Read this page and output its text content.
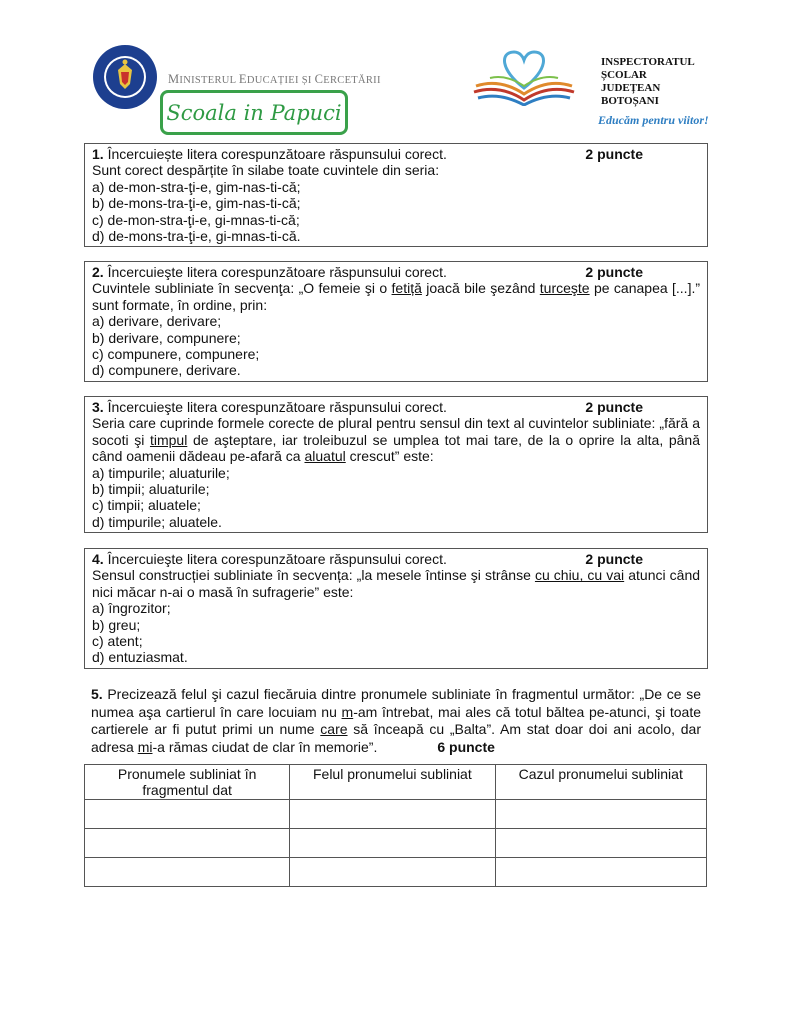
MINISTERUL EDUCAȚIEI ȘI CERCETĂRII
Scoala in Papuci
INSPECTORATUL
ȘCOLAR
JUDEȚEAN
BOTOȘANI
Educăm pentru viitor!
1. Încercuiește litera corespunzătoare răspunsului corect.	2 puncte
Sunt corect despărțite în silabe toate cuvintele din seria:
a) de-mon-stra-ţi-e, gim-nas-ti-că;
b) de-mons-tra-ţi-e, gim-nas-ti-că;
c) de-mon-stra-ţi-e, gi-mnas-ti-că;
d) de-mons-tra-ţi-e, gi-mnas-ti-că.
2. Încercuieşte litera corespunzătoare răspunsului corect.	2 puncte
Cuvintele subliniate în secvenţa: „O femeie şi o fetiță joacă bile şezând turceşte pe canapea [...].” sunt formate, în ordine, prin:
a) derivare, derivare;
b) derivare, compunere;
c) compunere, compunere;
d) compunere, derivare.
3. Încercuieşte litera corespunzătoare răspunsului corect.	2 puncte
Seria care cuprinde formele corecte de plural pentru sensul din text al cuvintelor subliniate: „fără a socoti şi timpul de aşteptare, iar troleibuzul se umplea tot mai tare, de la o oprire la alta, până când oamenii dădeau pe-afară ca aluatul crescut” este:
a) timpurile; aluaturile;
b) timpii; aluaturile;
c) timpii; aluatele;
d) timpurile; aluatele.
4. Încercuieşte litera corespunzătoare răspunsului corect.	2 puncte
Sensul construcției subliniate în secvența: „la mesele întinse şi strânse cu chiu, cu vai atunci când nici măcar n-ai o masă în sufragerie” este:
a) îngrozitor;
b) greu;
c) atent;
d) entuziasmat.
5. Precizează felul şi cazul fiecăruia dintre pronumele subliniate în fragmentul următor: „De ce se numea aşa cartierul în care locuiam nu m-am întrebat, mai ales că totul băltea pe-atunci, şi toate cartierele ar fi putut primi un nume care să înceapă cu „Balta”. Am stat doar doi ani acolo, dar adresa mi-a rămas ciudat de clar în memorie”.	6 puncte
Pronumele subliniat în fragmentul dat	Felul pronumelui subliniat	Cazul pronumelui subliniat
